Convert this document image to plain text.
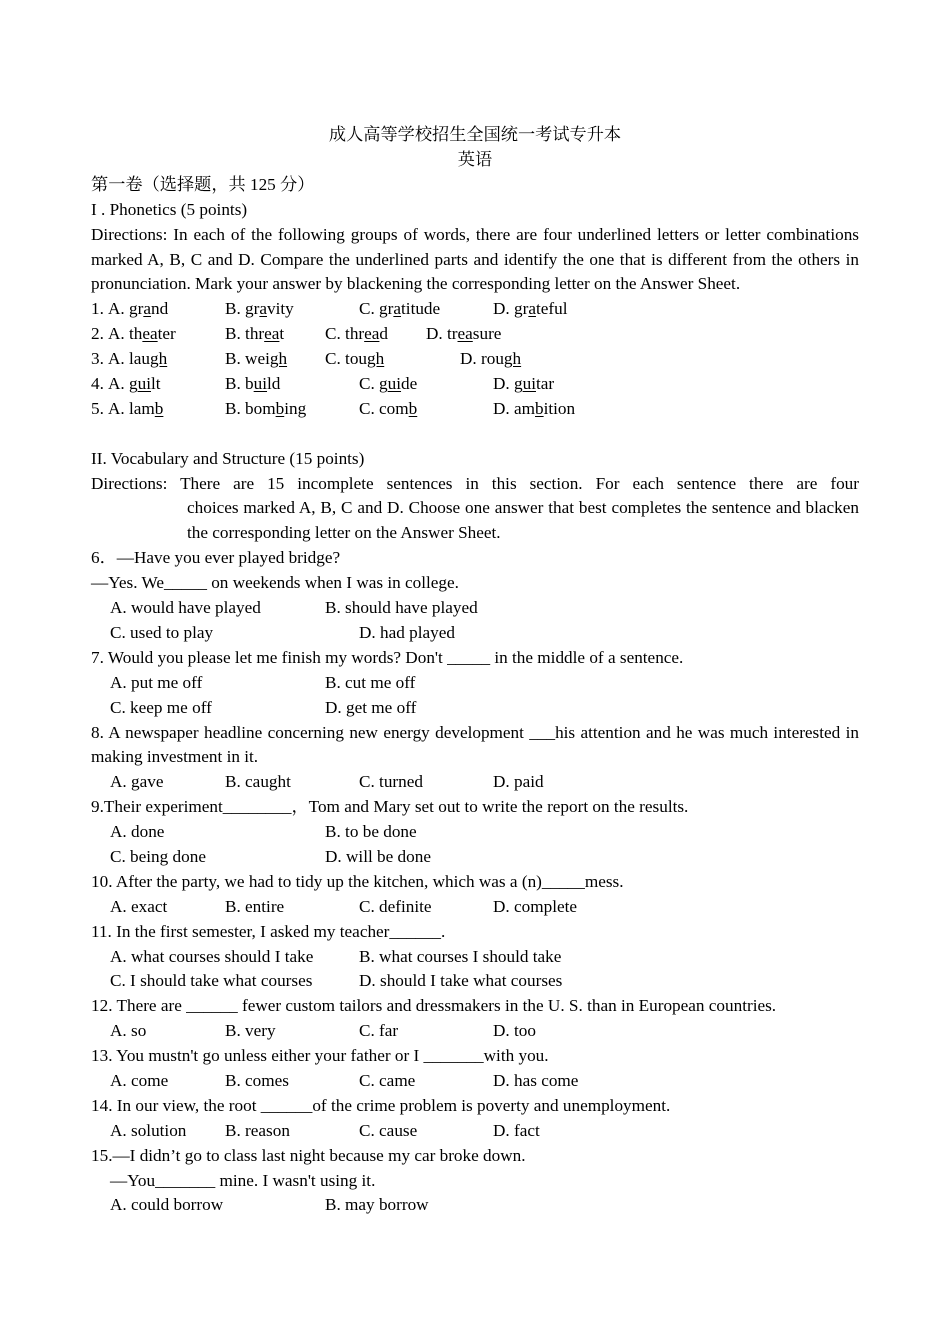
成人高等学校招生全国统一考试专升本
英语
第一卷（选择题，共 125 分）
I . Phonetics (5 points)
Directions: In each of the following groups of words, there are four underlined letters or letter combinations marked A, B, C and D. Compare the underlined parts and identify the one that is different from the others in pronunciation. Mark your answer by blackening the corresponding letter on the Answer Sheet.
1. A. grand	B. gravity	C. gratitude	D. grateful
2. A. theater	B. threat C. thread D. treasure
3. A. laugh	B. weigh C. tough	D. rough
4. A. guilt	B. build	C. guide	D. guitar
5. A. lamb	B. bombing	C. comb	D. ambition
II. Vocabulary and Structure (15 points)
Directions: There are 15 incomplete sentences in this section. For each sentence there are four
choices marked A, B, C and D. Choose one answer that best completes the sentence and blacken the corresponding letter on the Answer Sheet.
6．—Have you ever played bridge?
—Yes. We_____ on weekends when I was in college.
A. would have played	B. should have played
C. used to play	D. had played
7. Would you please let me finish my words? Don't _____ in the middle of a sentence.
A. put me off	B. cut me off
C. keep me off	D. get me off
8. A newspaper headline concerning new energy development ___his attention and he was much interested in making investment in it.
A. gave	B. caught	C. turned	D. paid
9.Their experiment________，Tom and Mary set out to write the report on the results.
A. done	B. to be done
C. being done	D. will be done
10. After the party, we had to tidy up the kitchen, which was a (n)_____mess.
A. exact	B. entire	C. definite	D. complete
11. In the first semester, I asked my teacher______.
A. what courses should I take	B. what courses I should take
C. I should take what courses	D. should I take what courses
12. There are ______ fewer custom tailors and dressmakers in the U. S. than in European countries.
A. so	B. very	C. far	D. too
13. You mustn't go unless either your father or I _______with you.
A. come	B. comes	C. came	D. has come
14. In our view, the root ______of the crime problem is poverty and unemployment.
A. solution B. reason	C. cause	D. fact
15.—I didn’t go to class last night because my car broke down.
—You_______ mine. I wasn't using it.
A. could borrow	B. may borrow
